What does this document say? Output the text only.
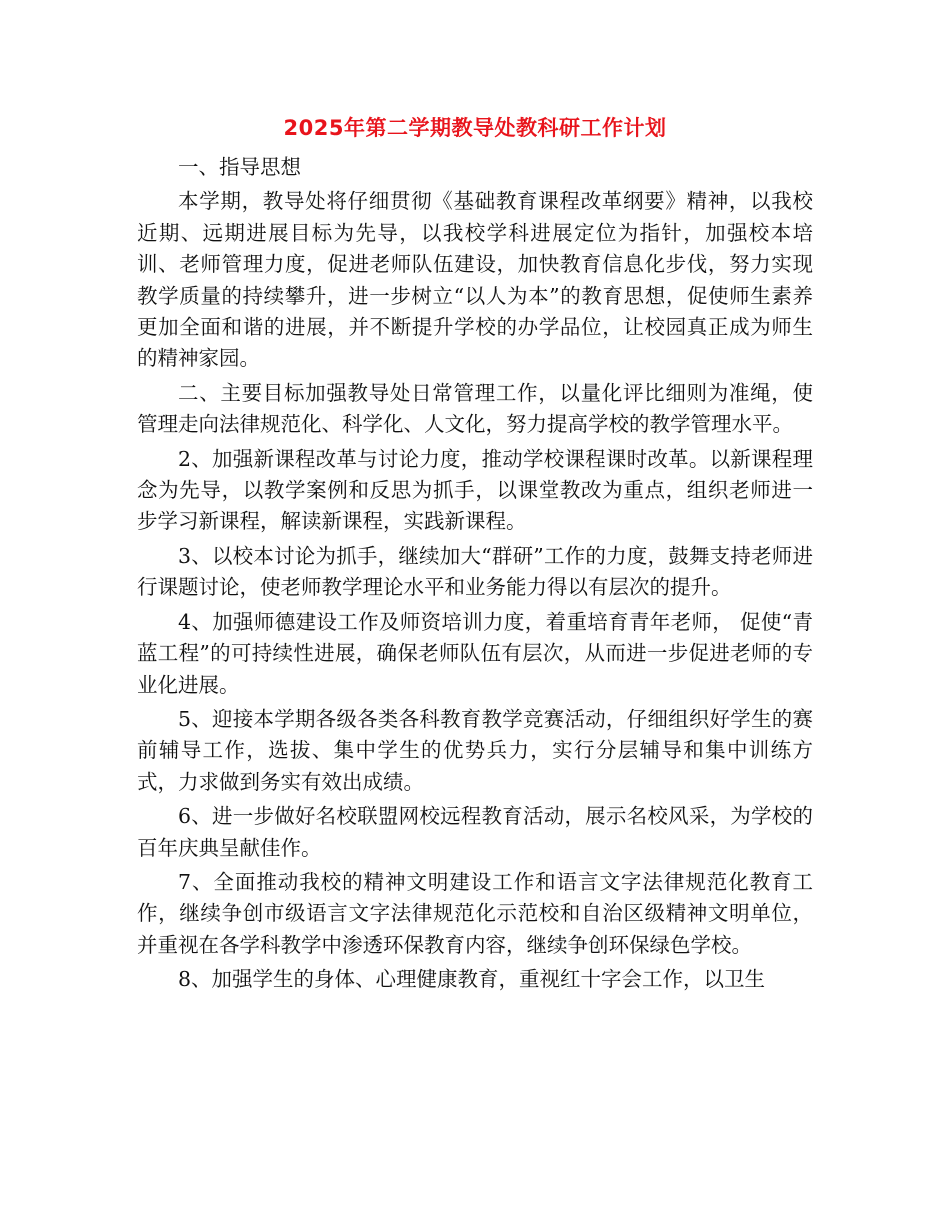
2025年第二学期教导处教科研工作计划

一、指导思想

本学期，教导处将仔细贯彻《基础教育课程改革纲要》精神，以我校近期、远期进展目标为先导，以我校学科进展定位为指针，加强校本培训、老师管理力度，促进老师队伍建设，加快教育信息化步伐，努力实现教学质量的持续攀升，进一步树立“以人为本”的教育思想，促使师生素养更加全面和谐的进展，并不断提升学校的办学品位，让校园真正成为师生的精神家园。

二、主要目标加强教导处日常管理工作，以量化评比细则为准绳，使管理走向法律规范化、科学化、人文化，努力提高学校的教学管理水平。

2、加强新课程改革与讨论力度，推动学校课程课时改革。以新课程理念为先导，以教学案例和反思为抓手，以课堂教改为重点，组织老师进一步学习新课程，解读新课程，实践新课程。

3、以校本讨论为抓手，继续加大“群研”工作的力度，鼓舞支持老师进行课题讨论，使老师教学理论水平和业务能力得以有层次的提升。

4、加强师德建设工作及师资培训力度，着重培育青年老师， 促使“青蓝工程”的可持续性进展，确保老师队伍有层次，从而进一步促进老师的专业化进展。

5、迎接本学期各级各类各科教育教学竞赛活动，仔细组织好学生的赛前辅导工作，选拔、集中学生的优势兵力，实行分层辅导和集中训练方式，力求做到务实有效出成绩。

6、进一步做好名校联盟网校远程教育活动，展示名校风采，为学校的百年庆典呈献佳作。

7、全面推动我校的精神文明建设工作和语言文字法律规范化教育工作，继续争创市级语言文字法律规范化示范校和自治区级精神文明单位，并重视在各学科教学中渗透环保教育内容，继续争创环保绿色学校。

8、加强学生的身体、心理健康教育，重视红十字会工作，以卫生
